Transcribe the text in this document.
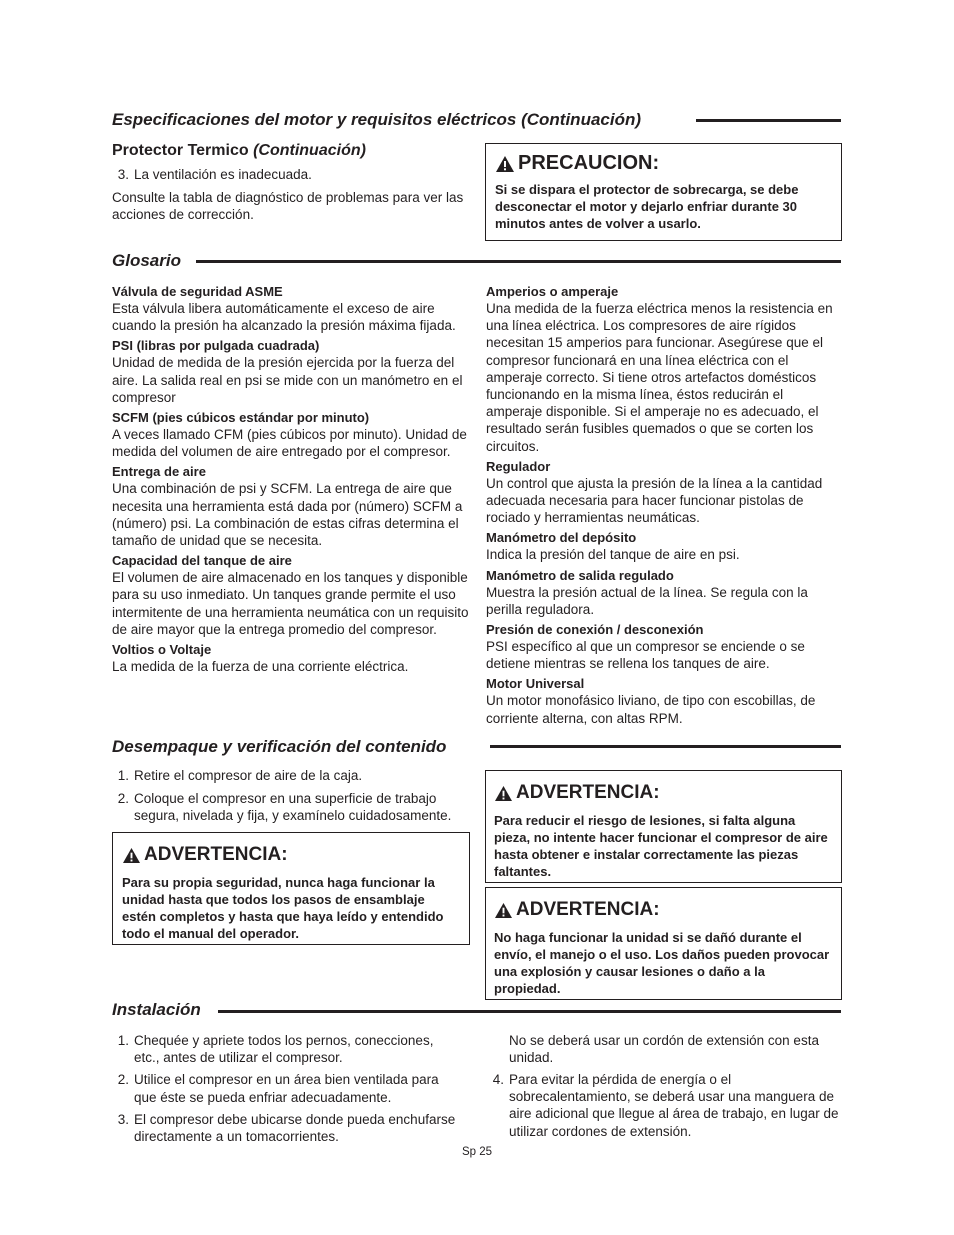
Especificaciones del motor y requisitos eléctricos (Continuación)
Protector Termico (Continuación)
3. La ventilación es inadecuada.
Consulte la tabla de diagnóstico de problemas para ver las acciones de corrección.
PRECAUCION:
Si se dispara el protector de sobrecarga, se debe desconectar el motor y dejarlo enfriar durante 30 minutos antes de volver a usarlo.
Glosario
Válvula de seguridad ASME
Esta válvula libera automáticamente el exceso de aire cuando la presión ha alcanzado la presión máxima fijada.
PSI (libras por pulgada cuadrada)
Unidad de medida de la presión ejercida por la fuerza del aire. La salida real en psi se mide con un manómetro en el compresor
SCFM (pies cúbicos estándar por minuto)
A veces llamado CFM (pies cúbicos por minuto). Unidad de medida del volumen de aire entregado por el compresor.
Entrega de aire
Una combinación de psi y SCFM. La entrega de aire que necesita una herramienta está dada por (número) SCFM a (número) psi. La combinación de estas cifras determina el tamaño de unidad que se necesita.
Capacidad del tanque de aire
El volumen de aire almacenado en los tanques y disponible para su uso inmediato. Un tanques grande permite el uso intermitente de una herramienta neumática con un requisito de aire mayor que la entrega promedio del compresor.
Voltios o Voltaje
La medida de la fuerza de una corriente eléctrica.
Amperios o amperaje
Una medida de la fuerza eléctrica menos la resistencia en una línea eléctrica. Los compresores de aire rígidos necesitan 15 amperios para funcionar. Asegúrese que el compresor funcionará en una línea eléctrica con el amperaje correcto. Si tiene otros artefactos domésticos funcionando en la misma línea, éstos reducirán el amperaje disponible. Si el amperaje no es adecuado, el resultado serán fusibles quemados o que se corten los circuitos.
Regulador
Un control que ajusta la presión de la línea a la cantidad adecuada necesaria para hacer funcionar pistolas de rociado y herramientas neumáticas.
Manómetro del depósito
Indica la presión del tanque de aire en psi.
Manómetro de salida regulado
Muestra la presión actual de la línea. Se regula con la perilla reguladora.
Presión de conexión / desconexión
PSI específico al que un compresor se enciende o se detiene mientras se rellena los tanques de aire.
Motor Universal
Un motor monofásico liviano, de tipo con escobillas, de corriente alterna, con altas RPM.
Desempaque y verificación del contenido
1. Retire el compresor de aire de la caja.
2. Coloque el compresor en una superficie de trabajo segura, nivelada y fija, y examínelo cuidadosamente.
ADVERTENCIA:
Para su propia seguridad, nunca haga funcionar la unidad hasta que todos los pasos de ensamblaje estén completos y hasta que haya leído y entendido todo el manual del operador.
ADVERTENCIA:
Para reducir el riesgo de lesiones, si falta alguna pieza, no intente hacer funcionar el compresor de aire hasta obtener e instalar correctamente las piezas faltantes.
ADVERTENCIA:
No haga funcionar la unidad si se dañó durante el envío, el manejo o el uso. Los daños pueden provocar una explosión y causar lesiones o daño a la propiedad.
Instalación
1. Chequée y apriete todos los pernos, conecciones, etc., antes de utilizar el compresor.
2. Utilice el compresor en un área bien ventilada para que éste se pueda enfriar adecuadamente.
3. El compresor debe ubicarse donde pueda enchufarse directamente a un tomacorrientes.
No se deberá usar un cordón de extensión con esta unidad.
4. Para evitar la pérdida de energía o el sobrecalentamiento, se deberá usar una manguera de aire adicional que llegue al área de trabajo, en lugar de utilizar cordones de extensión.
Sp 25
